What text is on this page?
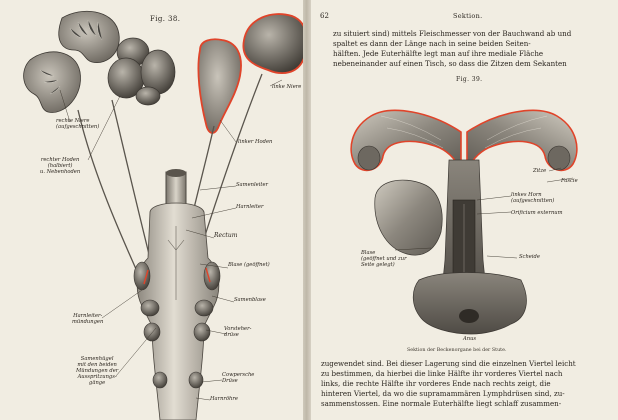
Fig. 38.
rechte Niere
(aufgeschnitten)
rechter Hoden
(halbiert)
u. Nebenhoden
linke Niere
linker Hoden
Samenleiter
Harnleiter
Rectum
Blase (geöffnet)
Samenblase
Harnleiter-
mündungen
Vorsteher-
drüse
Samenhügel
mit den beiden
Mündungen der
Ausspritzungs-
gänge
Cowpersche
Drüse
Harnröhre
62	Sektion.
zu situiert sind) mittels Fleischmesser von der Bauchwand ab und
spaltet es dann der Länge nach in seine beiden Seiten-
hälften. Jede Euterhälfte legt man auf ihre mediale Fläche
nebeneinander auf einen Tisch, so dass die Zitzen dem Sekanten
Fig. 39.
Zitze
Fascie
linkes Horn
(aufgeschnitten)
Orificium externum
Blase
(geöffnet und zur
Seite gelegt)
Scheide
Anus
Sektion der Beckenorgane bei der Stute.
zugewendet sind. Bei dieser Lagerung sind die einzelnen Viertel leicht
zu bestimmen, da hierbei die linke Hälfte ihr vorderes Viertel nach
links, die rechte Hälfte ihr vorderes Ende nach rechts zeigt, die
hinteren Viertel, da wo die supramammären Lymphdrüsen sind, zu-
sammenstossen. Eine normale Euterhälfte liegt schlaff zusammen-
